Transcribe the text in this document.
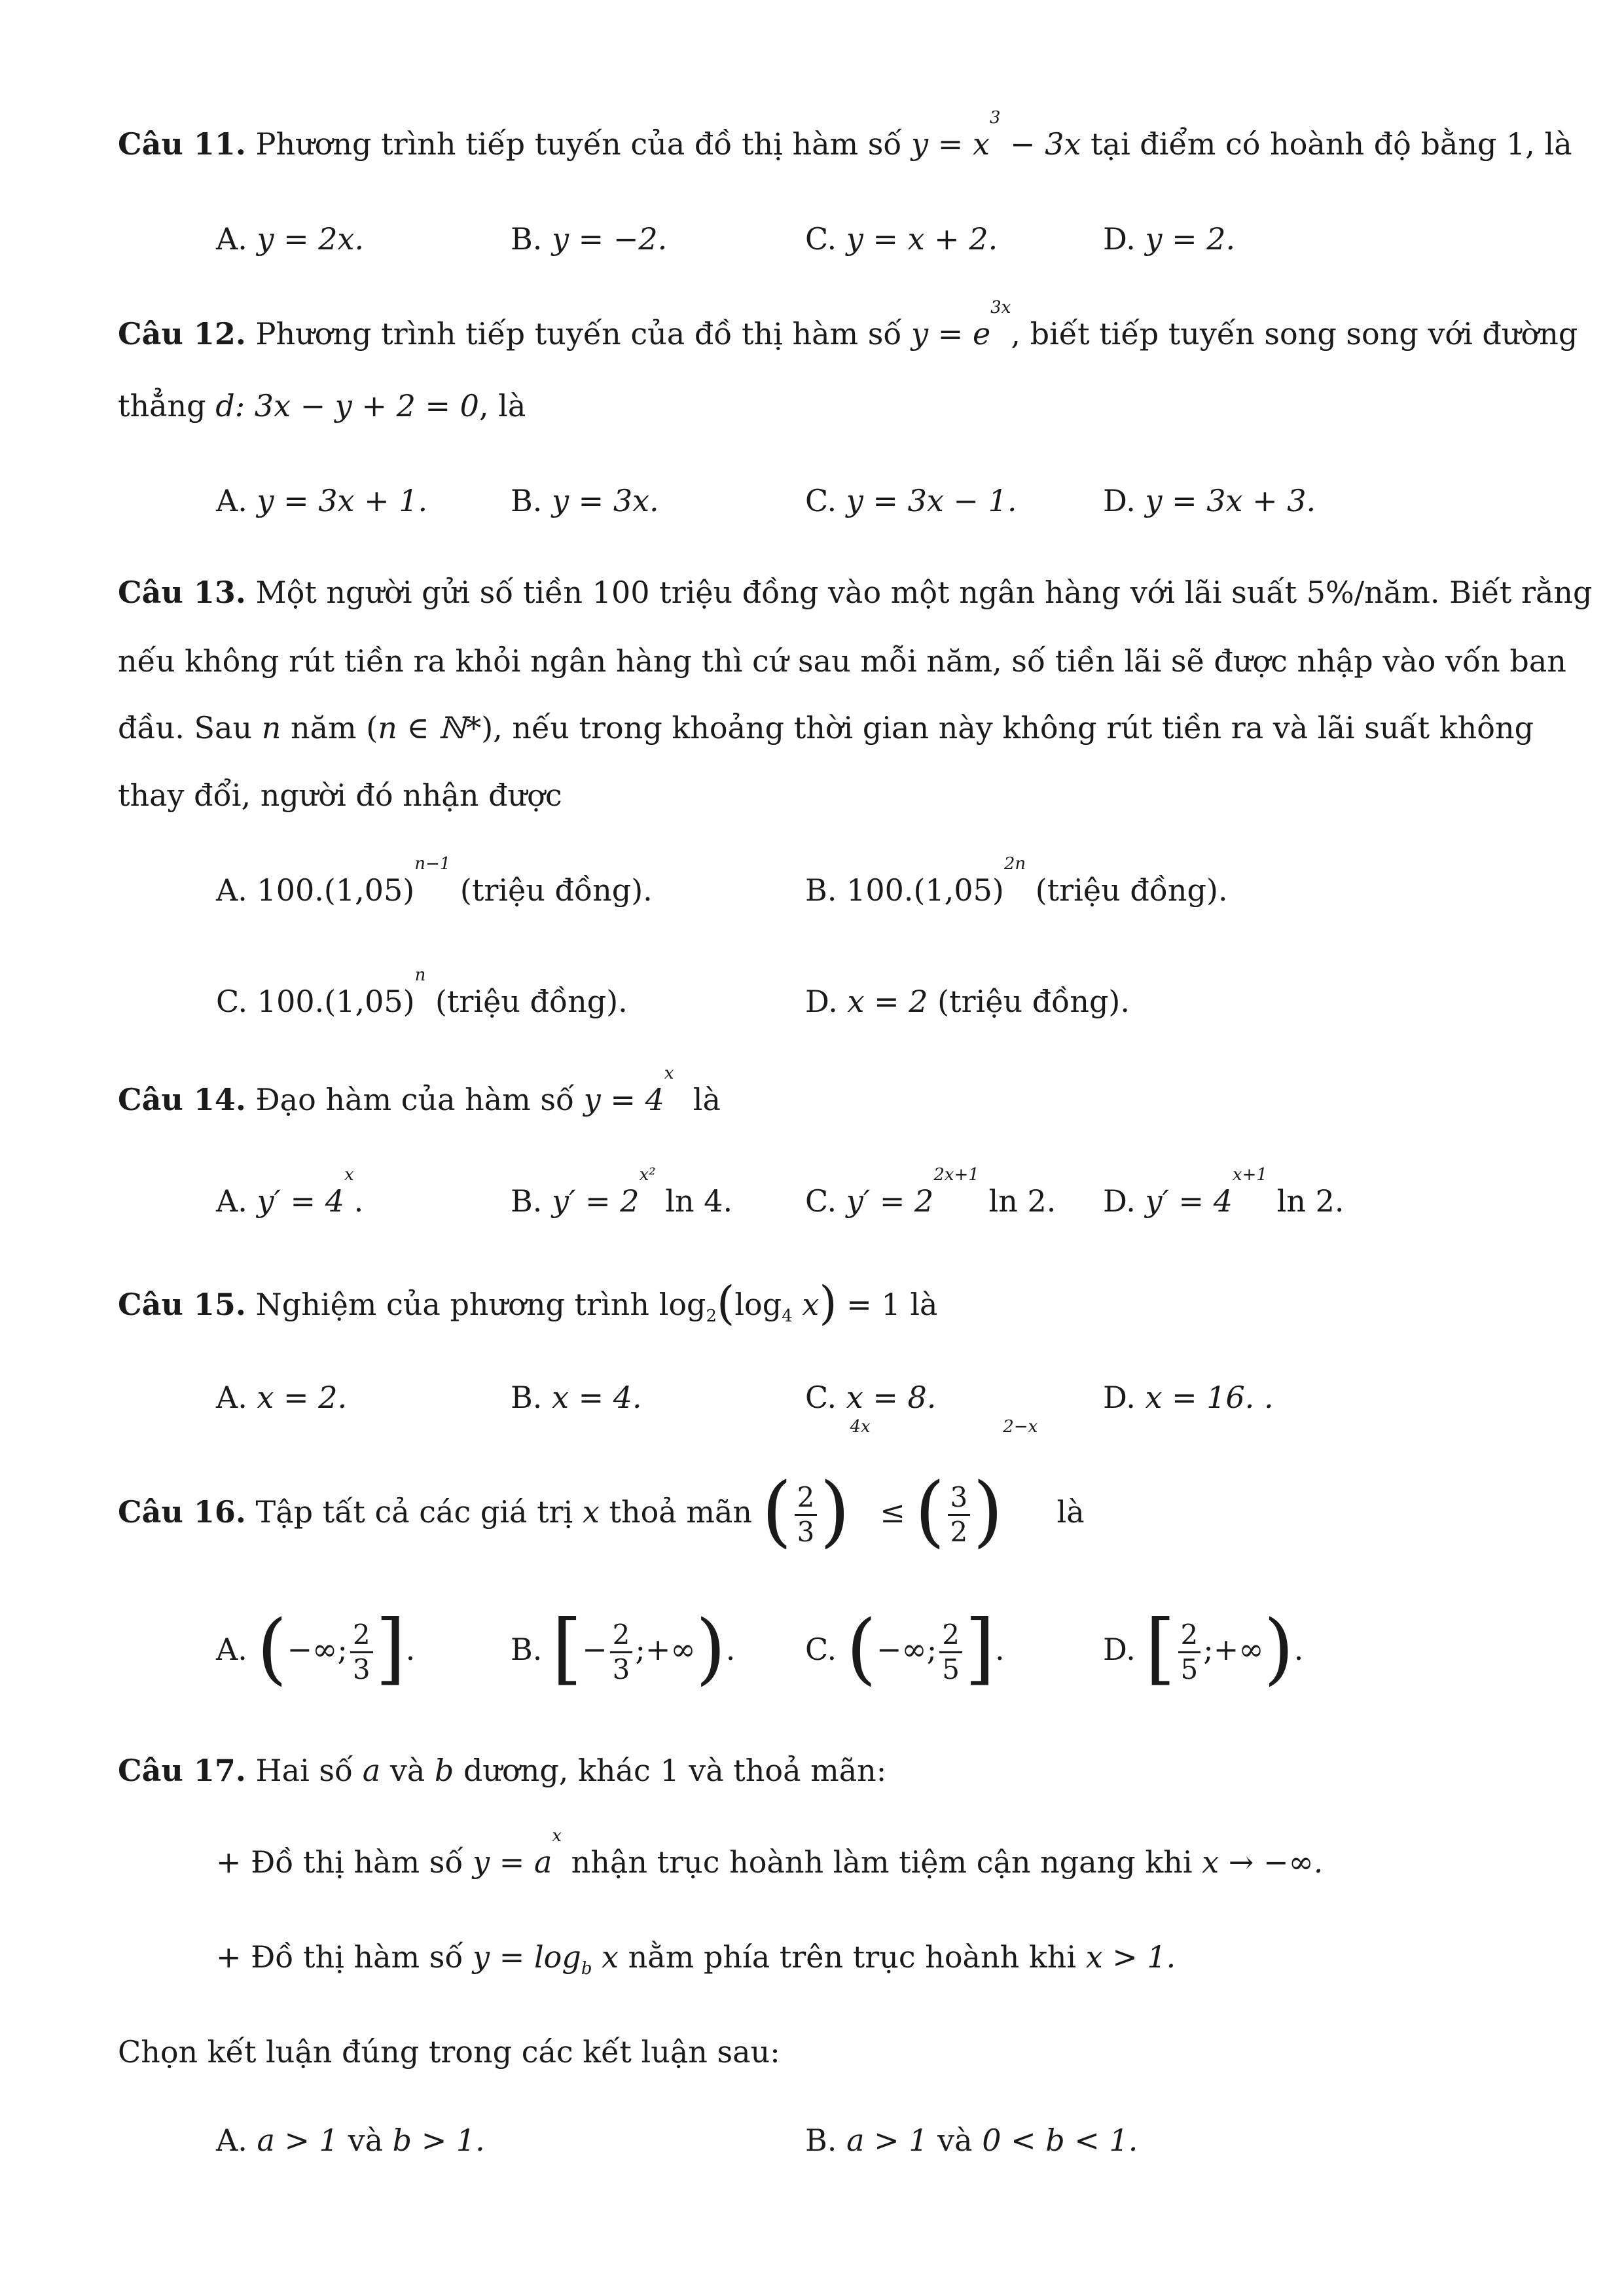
Câu 11. Phương trình tiếp tuyến của đồ thị hàm số $y = x^3 - 3x$ tại điểm có hoành độ bằng 1, là
A. y = 2x.	B. y = −2.	C. y = x + 2.	D. y = 2.
Câu 12. Phương trình tiếp tuyến của đồ thị hàm số $y = e^{3x}$, biết tiếp tuyến song song với đường
thẳng d: 3x − y + 2 = 0, là
A. y = 3x + 1.	B. y = 3x.	C. y = 3x − 1.	D. y = 3x + 3.
Câu 13. Một người gửi số tiền 100 triệu đồng vào một ngân hàng với lãi suất 5%/năm. Biết rằng
nếu không rút tiền ra khỏi ngân hàng thì cứ sau mỗi năm, số tiền lãi sẽ được nhập vào vốn ban
đầu. Sau n năm (n ∈ ℕ*), nếu trong khoảng thời gian này không rút tiền ra và lãi suất không
thay đổi, người đó nhận được
A. $100.(1,05)^{n-1}$ (triệu đồng).	B. $100.(1,05)^{2n}$ (triệu đồng).
C. $100.(1,05)^n$ (triệu đồng).	D. x = 2 (triệu đồng).
Câu 14. Đạo hàm của hàm số $y = 4^x$  là
A. $y' = 4^x$.	B. $y' = 2^{x^2}$ ln 4. C. $y' = 2^{2x+1}$ ln 2. D. $y' = 4^{x+1}$ ln 2.
Câu 15. Nghiệm của phương trình $\log_2(\log_4$ x) = 1 là
A. x = 2.	B. x = 4.	C. x = 8.	D. x = 16. .
Câu 16. Tập tất cả các giá trị x thoả mãn ( $\frac{2}{3} )^{4x}$ ≤ ( $\frac{3}{2} )^{2-x}$  là
A. (−∞; $\frac{2}{3}$ ].	B. [− $\frac{2}{3}$ ;+∞). C. (−∞; $\frac{2}{5}$ ].	D. [ $\frac{2}{5}$ ;+∞).
Câu 17. Hai số a và b dương, khác 1 và thoả mãn:
+ Đồ thị hàm số $y = a^x$ nhận trục hoành làm tiệm cận ngang khi x → −∞.
+ Đồ thị hàm số $y = \log_b x$ nằm phía trên trục hoành khi x > 1.
Chọn kết luận đúng trong các kết luận sau:
A. a > 1 và b > 1.	B. a > 1 và 0 < b < 1.
